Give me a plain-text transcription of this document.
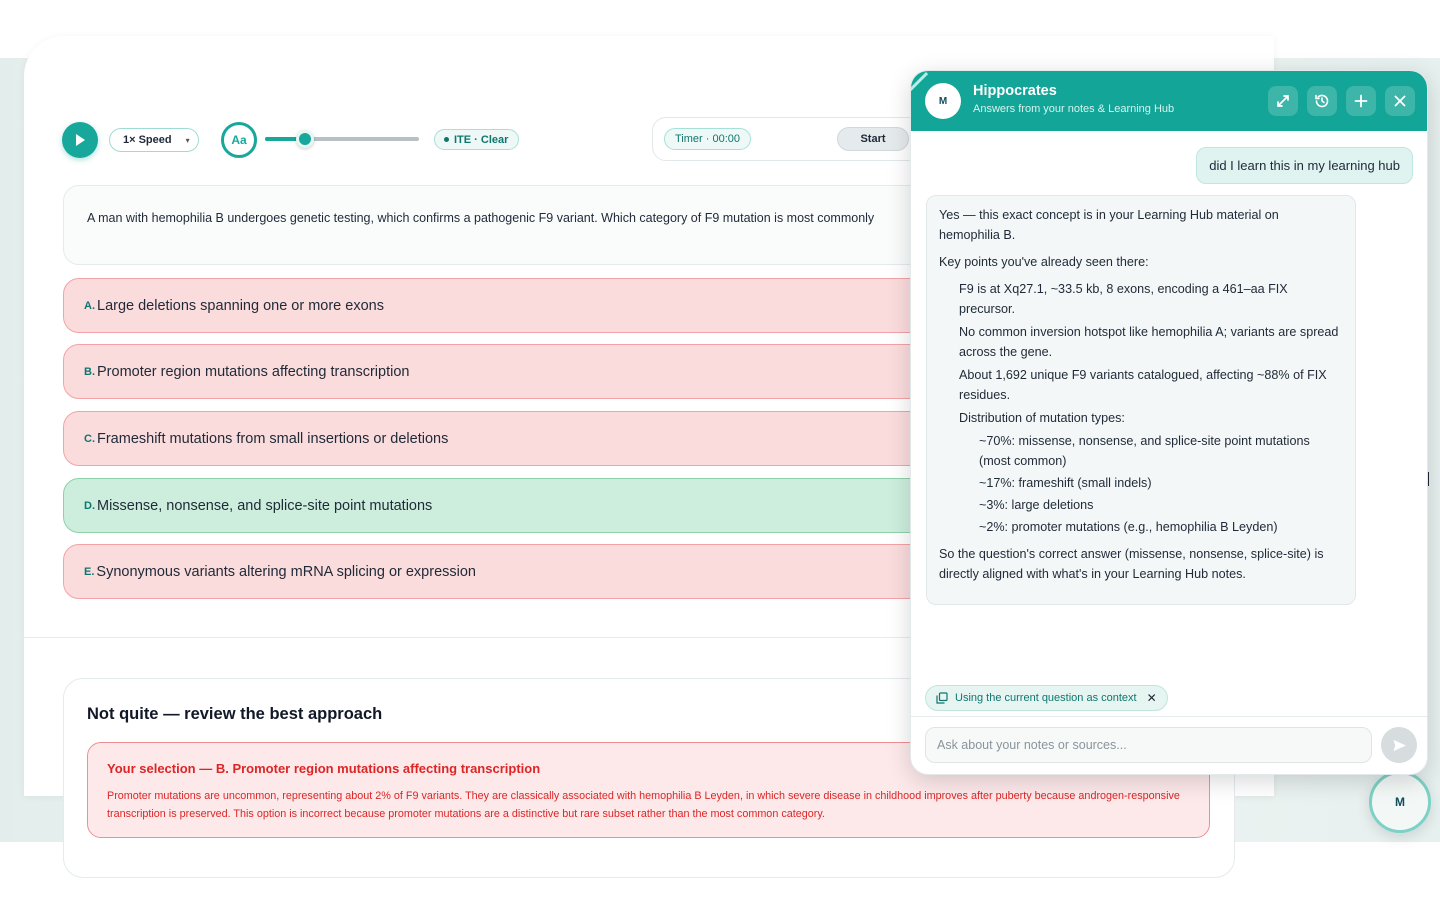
1× Speed ▾	Aa	ITE · Clear	Timer · 00:00	Start
A man with hemophilia B undergoes genetic testing, which confirms a pathogenic F9 variant. Which category of F9 mutation is most commonly
A. Large deletions spanning one or more exons
B. Promoter region mutations affecting transcription
C. Frameshift mutations from small insertions or deletions
D. Missense, nonsense, and splice-site point mutations
E. Synonymous variants altering mRNA splicing or expression
Not quite — review the best approach
Your selection — B. Promoter region mutations affecting transcription
Promoter mutations are uncommon, representing about 2% of F9 variants. They are classically associated with hemophilia B Leyden, in which severe disease in childhood improves after puberty because androgen-responsive transcription is preserved. This option is incorrect because promoter mutations are a distinctive but rare subset rather than the most common category.
M
M
Hippocrates
Answers from your notes & Learning Hub
did I learn this in my learning hub

Yes — this exact concept is in your Learning Hub material on hemophilia B.

Key points you've already seen there:

F9 is at Xq27.1, ~33.5 kb, 8 exons, encoding a 461–aa FIX precursor.
No common inversion hotspot like hemophilia A; variants are spread across the gene.
About 1,692 unique F9 variants catalogued, affecting ~88% of FIX residues.
Distribution of mutation types:
~70%: missense, nonsense, and splice-site point mutations (most common)
~17%: frameshift (small indels)
~3%: large deletions
~2%: promoter mutations (e.g., hemophilia B Leyden)

So the question's correct answer (missense, nonsense, splice-site) is directly aligned with what's in your Learning Hub notes.

Using the current question as context ✕
Ask about your notes or sources...
